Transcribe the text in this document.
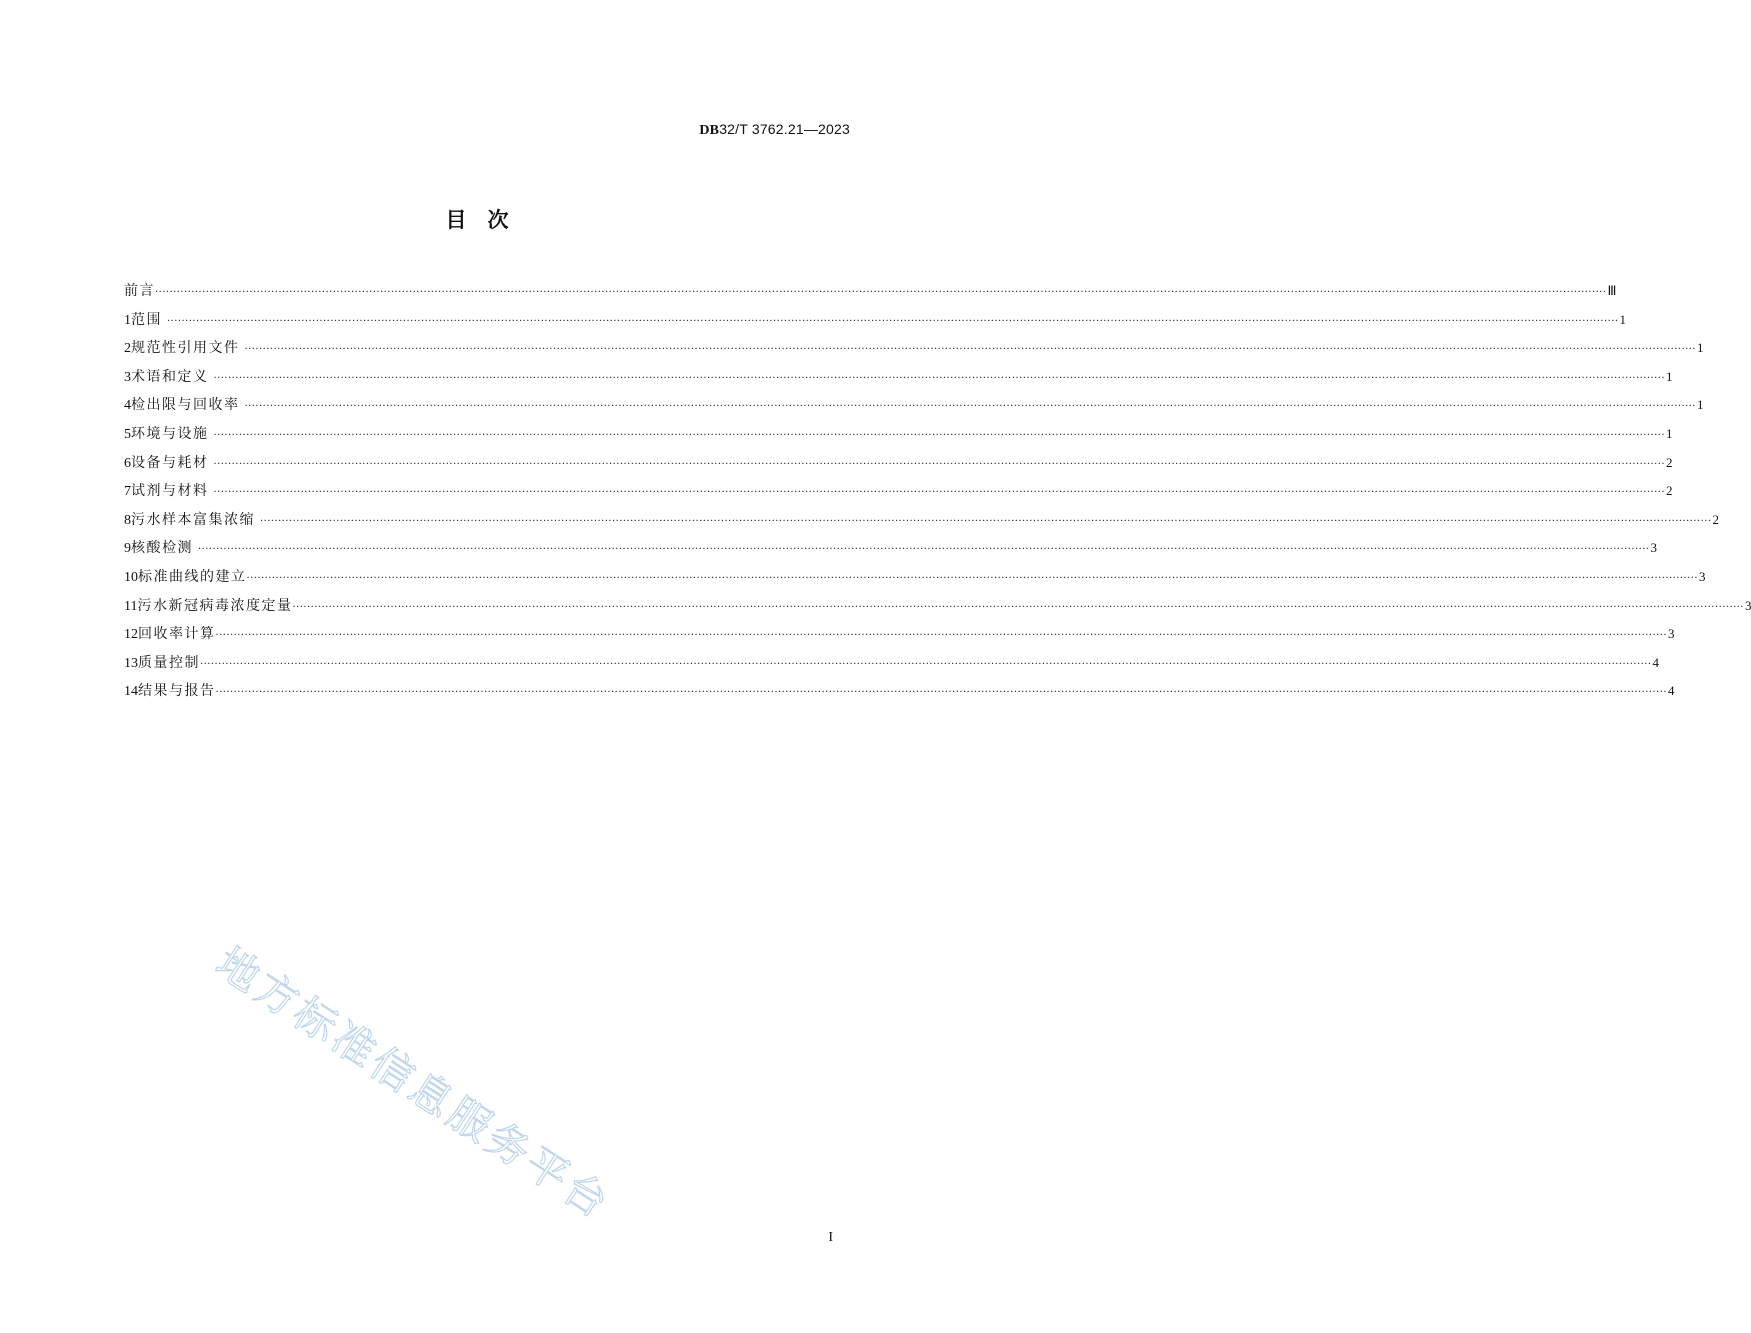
DB32/T 3762.21—2023
目次
前言 ················································································································································································································································································································································································································ Ⅲ
1 范围 ················································································································································································································································································································································································································ 1
2 规范性引用文件 ················································································································································································································································································································································································································ 1
3 术语和定义 ················································································································································································································································································································································································································ 1
4 检出限与回收率 ················································································································································································································································································································································································································ 1
5 环境与设施 ················································································································································································································································································································································································································ 1
6 设备与耗材 ················································································································································································································································································································································································································ 2
7 试剂与材料 ················································································································································································································································································································································································································ 2
8 污水样本富集浓缩 ················································································································································································································································································································································································································ 2
9 核酸检测 ················································································································································································································································································································································································································ 3
10 标准曲线的建立 ················································································································································································································································································································································································································ 3
11 污水新冠病毒浓度定量 ················································································································································································································································································································································································································ 3
12 回收率计算 ················································································································································································································································································································································································································ 3
13 质量控制 ················································································································································································································································································································································································································ 4
14 结果与报告 ················································································································································································································································································································································································································ 4
地方标准信息服务平台
I
